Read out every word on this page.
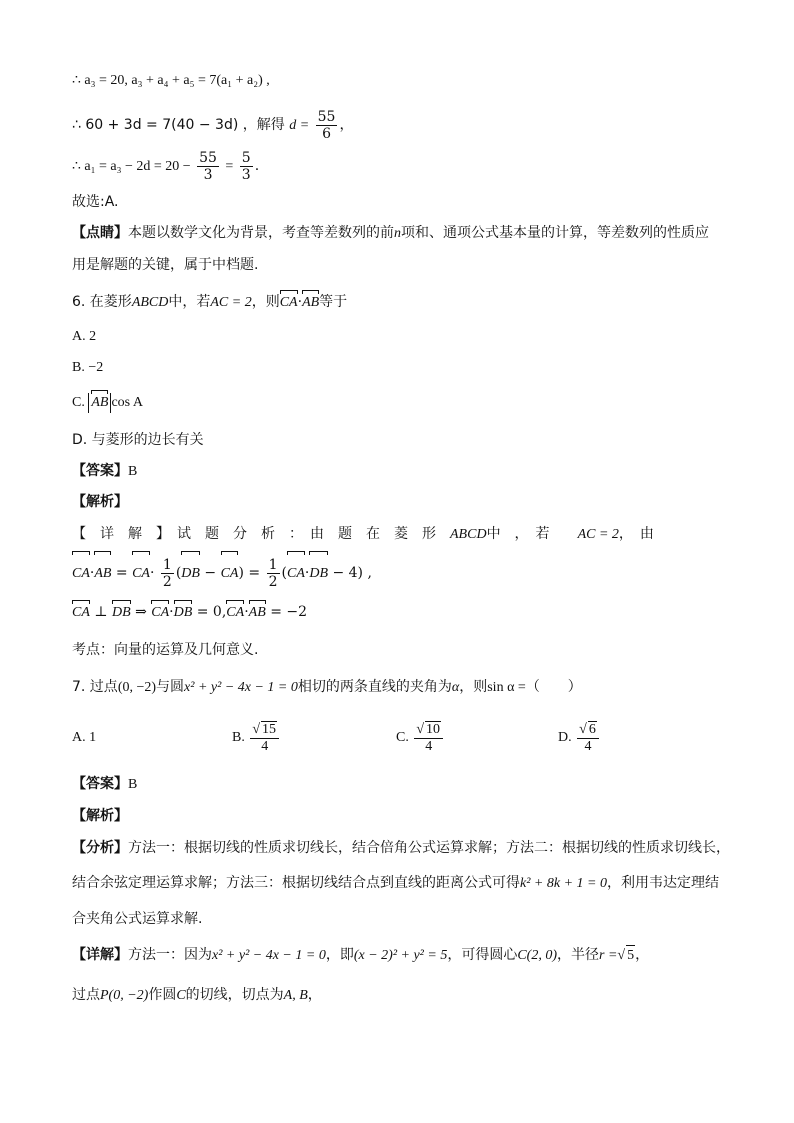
∴ a₃ = 20, a₃ + a₄ + a₅ = 7(a₁ + a₂) ,
∴ 60 + 3d = 7(40 − 3d) ，解得 $d = \frac{55}{6}$ ，
∴ $a_1 = a_3 - 2d = 20 - \frac{55}{3} = \frac{5}{3}$ .
故选:A.
【点睛】本题以数学文化为背景，考查等差数列的前n项和、通项公式基本量的计算，等差数列的性质应
用是解题的关键，属于中档题.
6. 在菱形ABCD中，若AC = 2，则CA·AB等于
A. 2
B. −2
C. AB cos A
D. 与菱形的边长有关
【答案】B
【解析】
【　详　解　】　试　题　分　析　：　由　题　在　菱　形　 ABCD中　，　若　　 AC = 2，　由
$CA\cdot AB = CA\cdot \frac{1}{2} (DB - CA) = \frac{1}{2} (CA\cdot DB - 4)$ ,
CA ⊥ DB ⇒ CA·DB = 0,CA·AB = −2
考点：向量的运算及几何意义.
7. 过点(0, −2)与圆x² + y² − 4x − 1 = 0相切的两条直线的夹角为α，则sin α =（　　）
A. 1	B. $\frac{√ 15}{4}$	C. $\frac{√ 10}{4}$	D. $\frac{√ 6}{4}$
【答案】B
【解析】
【分析】方法一：根据切线的性质求切线长，结合倍角公式运算求解；方法二：根据切线的性质求切线长，
结合余弦定理运算求解；方法三：根据切线结合点到直线的距离公式可得k² + 8k + 1 = 0，利用韦达定理结
合夹角公式运算求解.
【详解】方法一：因为x² + y² − 4x − 1 = 0，即(x − 2)² + y² = 5，可得圆心C(2, 0)，半径r =√ 5，
过点P(0, −2)作圆C的切线，切点为A, B，
